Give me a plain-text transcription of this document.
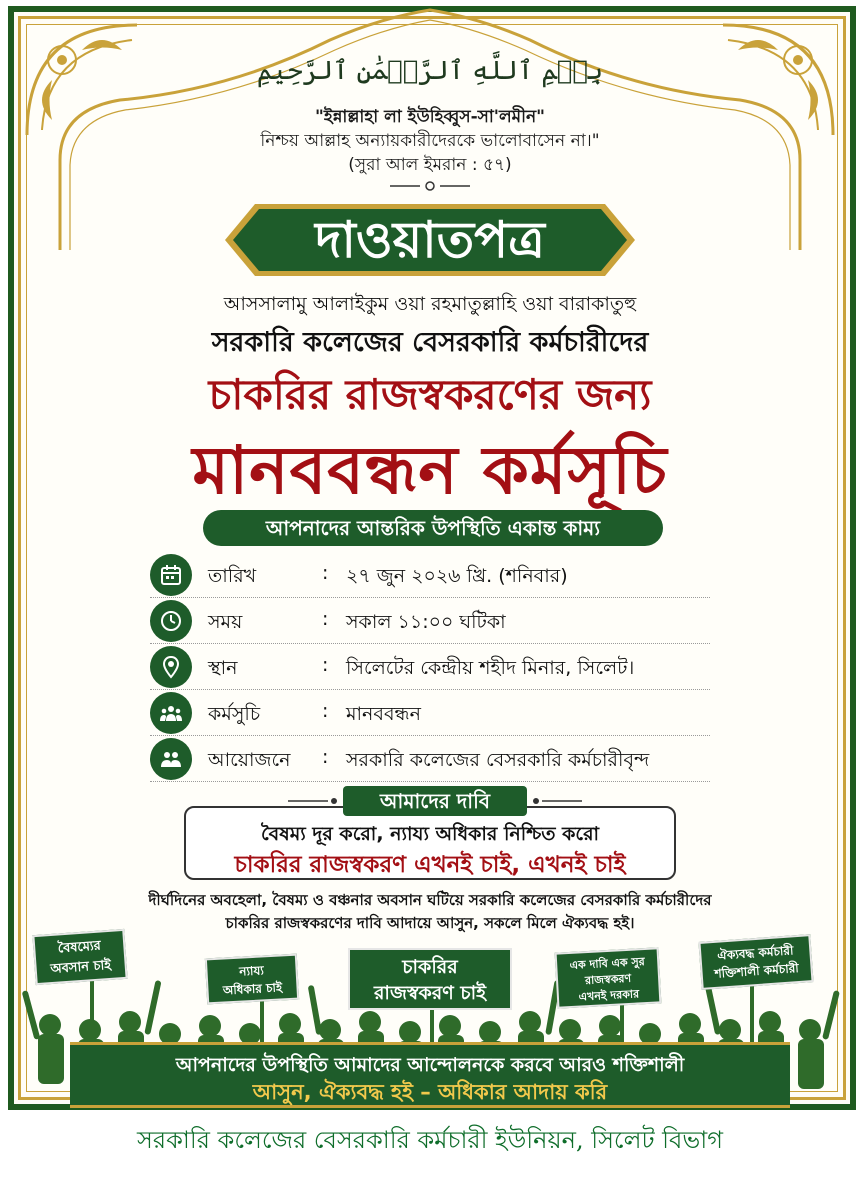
بِسۡمِ ٱللَّهِ ٱلرَّحۡمَٰنِ ٱلرَّحِيمِ
"ইন্নাল্লাহা লা ইউহিব্বুস-সা'লমীন"
নিশ্চয় আল্লাহ অন্যায়কারীদেরকে ভালোবাসেন না।"
(সুরা আল ইমরান : ৫৭)
দাওয়াতপত্র
আসসালামু আলাইকুম ওয়া রহমাতুল্লাহি ওয়া বারাকাতুহু
সরকারি কলেজের বেসরকারি কর্মচারীদের
চাকরির রাজস্বকরণের জন্য
মানববন্ধন কর্মসূচি
আপনাদের আন্তরিক উপস্থিতি একান্ত কাম্য
তারিখ	: ২৭ জুন ২০২৬ খ্রি. (শনিবার)
সময়	: সকাল ১১:০০ ঘটিকা
স্থান	: সিলেটের কেন্দ্রীয় শহীদ মিনার, সিলেট।
কর্মসুচি	: মানববন্ধন
আয়োজনে : সরকারি কলেজের বেসরকারি কর্মচারীবৃন্দ
আমাদের দাবি
বৈষম্য দূর করো, ন্যায্য অধিকার নিশ্চিত করো
চাকরির রাজস্বকরণ এখনই চাই, এখনই চাই
দীর্ঘদিনের অবহেলা, বৈষম্য ও বঞ্চনার অবসান ঘটিয়ে সরকারি কলেজের বেসরকারি কর্মচারীদের
চাকরির রাজস্বকরণের দাবি আদায়ে আসুন, সকলে মিলে ঐক্যবদ্ধ হই।
বৈষম্যের
অবসান চাই	ন্যায্য
অধিকার চাই
চাকরির
রাজস্বকরণ চাই
এক দাবি এক সুর
রাজস্বকরণ
এখনই দরকার
ঐক্যবদ্ধ কর্মচারী
শক্তিশালী কর্মচারী
আপনাদের উপস্থিতি আমাদের আন্দোলনকে করবে আরও শক্তিশালী
আসুন, ঐক্যবদ্ধ হই – অধিকার আদায় করি
সরকারি কলেজের বেসরকারি কর্মচারী ইউনিয়ন, সিলেট বিভাগ
